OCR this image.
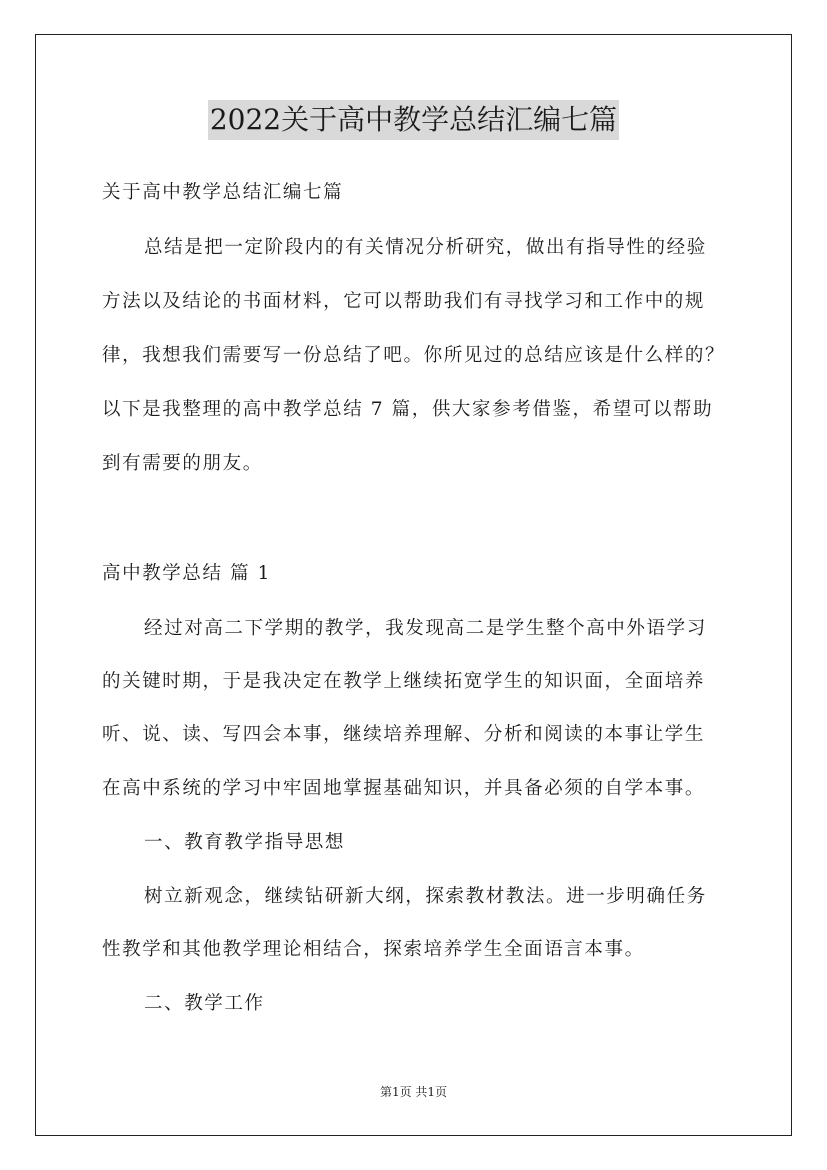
2022关于高中教学总结汇编七篇
关于高中教学总结汇编七篇
总结是把一定阶段内的有关情况分析研究，做出有指导性的经验
方法以及结论的书面材料，它可以帮助我们有寻找学习和工作中的规
律，我想我们需要写一份总结了吧。你所见过的总结应该是什么样的？
以下是我整理的高中教学总结 7 篇，供大家参考借鉴，希望可以帮助
到有需要的朋友。
高中教学总结 篇 1
经过对高二下学期的教学，我发现高二是学生整个高中外语学习
的关键时期，于是我决定在教学上继续拓宽学生的知识面，全面培养
听、说、读、写四会本事，继续培养理解、分析和阅读的本事让学生
在高中系统的学习中牢固地掌握基础知识，并具备必须的自学本事。
一、教育教学指导思想
树立新观念，继续钻研新大纲，探索教材教法。进一步明确任务
性教学和其他教学理论相结合，探索培养学生全面语言本事。
二、教学工作
第1页 共1页
